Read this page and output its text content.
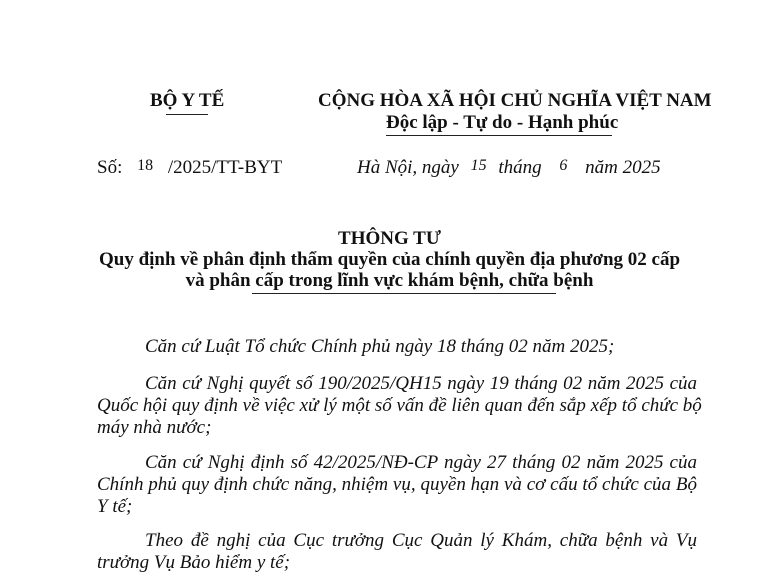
BỘ Y TẾ
Số: 18 /2025/TT-BYT
CỘNG HÒA XÃ HỘI CHỦ NGHĨA VIỆT NAM
Độc lập - Tự do - Hạnh phúc
Hà Nội, ngày 15 tháng 6 năm 2025
THÔNG TƯ
Quy định về phân định thẩm quyền của chính quyền địa phương 02 cấp
và phân cấp trong lĩnh vực khám bệnh, chữa bệnh
Căn cứ Luật Tổ chức Chính phủ ngày 18 tháng 02 năm 2025;
Căn cứ Nghị quyết số 190/2025/QH15 ngày 19 tháng 02 năm 2025 của
Quốc hội quy định về việc xử lý một số vấn đề liên quan đến sắp xếp tổ chức bộ
máy nhà nước;
Căn cứ Nghị định số 42/2025/NĐ-CP ngày 27 tháng 02 năm 2025 của
Chính phủ quy định chức năng, nhiệm vụ, quyền hạn và cơ cấu tổ chức của Bộ
Y tế;
Theo đề nghị của Cục trưởng Cục Quản lý Khám, chữa bệnh và Vụ
trưởng Vụ Bảo hiểm y tế;
